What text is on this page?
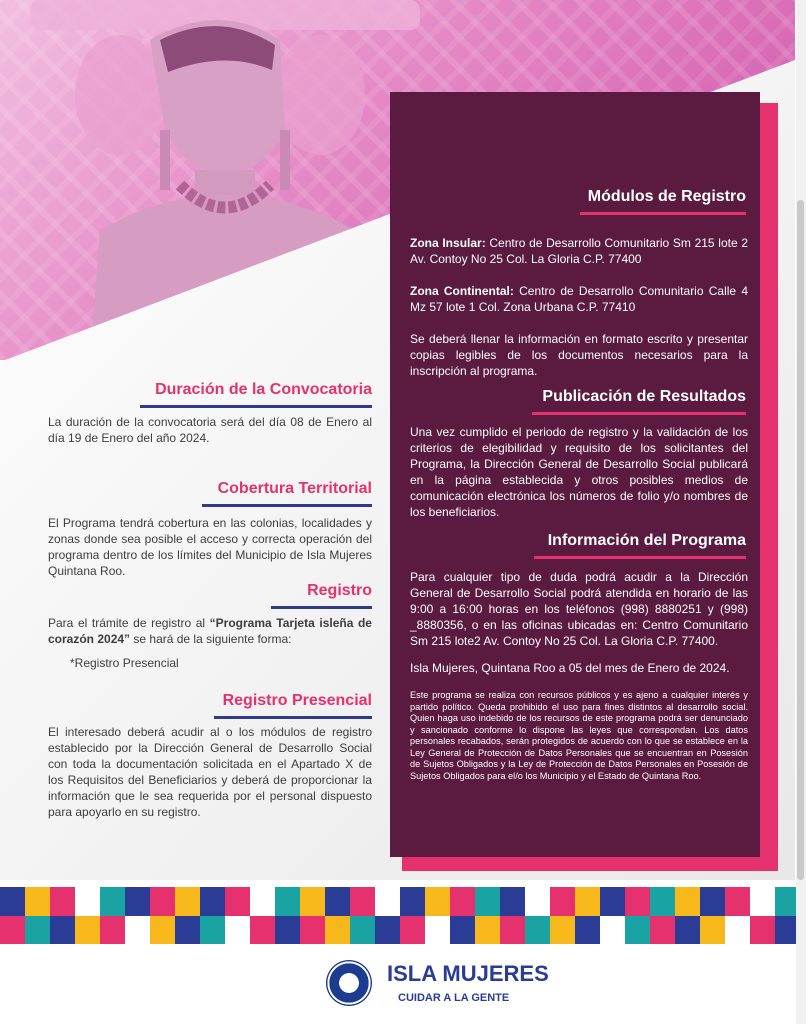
Módulos de Registro
Zona Insular: Centro de Desarrollo Comunitario Sm 215 lote 2 Av. Contoy No 25 Col. La Gloria C.P. 77400
Zona Continental: Centro de Desarrollo Comunitario Calle 4 Mz 57 lote 1 Col. Zona Urbana C.P. 77410
Se deberá llenar la información en formato escrito y presentar copias legibles de los documentos necesarios para la inscripción al programa.
Publicación de Resultados
Una vez cumplido el periodo de registro y la validación de los criterios de elegibilidad y requisito de los solicitantes del Programa, la Dirección General de Desarrollo Social publicará en la página establecida y otros posibles medios de comunicación electrónica los números de folio y/o nombres de los beneficiarios.
Información del Programa
Para cualquier tipo de duda podrá acudir a la Dirección General de Desarrollo Social podrá atendida en horario de las 9:00 a 16:00 horas en los teléfonos (998) 8880251 y (998) _8880356, o en las oficinas ubicadas en: Centro Comunitario Sm 215 lote2 Av. Contoy No 25 Col. La Gloria C.P. 77400.
Isla Mujeres, Quintana Roo a 05 del mes de Enero de 2024.
Este programa se realiza con recursos públicos y es ajeno a cualquier interés y partido político. Queda prohibido el uso para fines distintos al desarrollo social. Quien haga uso indebido de los recursos de este programa podrá ser denunciado y sancionado conforme lo dispone las leyes que correspondan. Los datos personales recabados, serán protegidos de acuerdo con lo que se establece en la Ley General de Protección de Datos Personales que se encuentran en Posesión de Sujetos Obligados y la Ley de Protección de Datos Personales en Posesión de Sujetos Obligados para el/o los Municipio y el Estado de Quintana Roo.
Duración de la Convocatoria
La duración de la convocatoria será del día 08 de Enero al día 19 de Enero del año 2024.
Cobertura Territorial
El Programa tendrá cobertura en las colonias, localidades y zonas donde sea posible el acceso y correcta operación del programa dentro de los límites del Municipio de Isla Mujeres Quintana Roo.
Registro
Para el trámite de registro al “Programa Tarjeta isleña de corazón 2024” se hará de la siguiente forma:
*Registro Presencial
Registro Presencial
El interesado deberá acudir al o los módulos de registro establecido por la Dirección General de Desarrollo Social con toda la documentación solicitada en el Apartado X de los Requisitos del Beneficiarios y deberá de proporcionar la información que le sea requerida por el personal dispuesto para apoyarlo en su registro.
ISLA MUJERES
CUIDAR A LA GENTE
